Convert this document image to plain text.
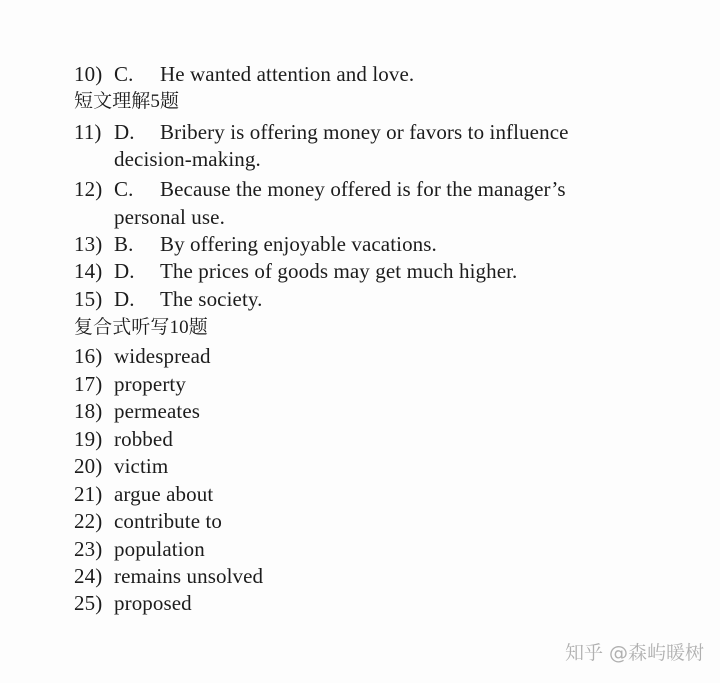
10) C. He wanted attention and love.
短文理解5题
11) D. Bribery is offering money or favors to influence
decision-making.
12) C. Because the money offered is for the manager’s
personal use.
13) B. By offering enjoyable vacations.
14) D. The prices of goods may get much higher.
15) D. The society.
复合式听写10题
16) widespread
17) property
18) permeates
19) robbed
20) victim
21) argue about
22) contribute to
23) population
24) remains unsolved
25) proposed
知乎 @森屿暖树
